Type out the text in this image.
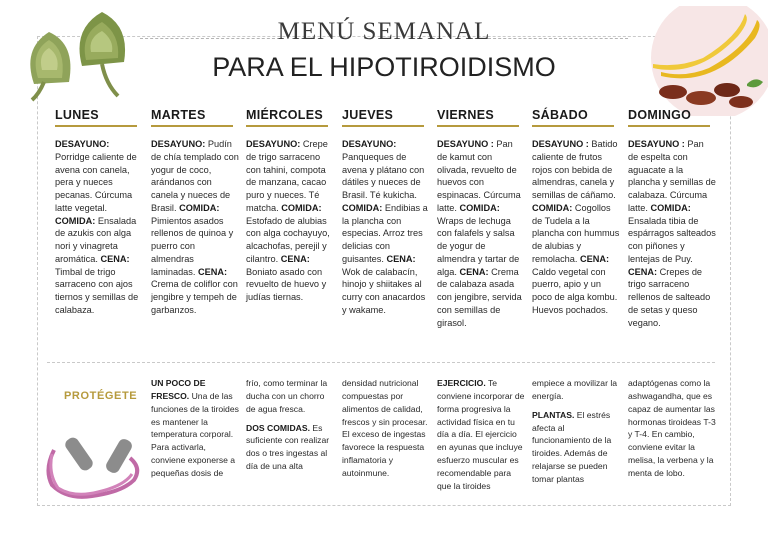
MENÚ SEMANAL
PARA EL HIPOTIROIDISMO
LUNES
DESAYUNO: Porridge caliente de avena con canela, pera y nueces pecanas. Cúrcuma latte vegetal. COMIDA: Ensalada de azukis con alga nori y vinagreta aromática. CENA: Timbal de trigo sarraceno con ajos tiernos y semillas de calabaza.
MARTES
DESAYUNO: Pudín de chía templado con yogur de coco, arándanos con canela y nueces de Brasil. COMIDA: Pimientos asados rellenos de quinoa y puerro con almendras laminadas. CENA: Crema de coliflor con jengibre y tempeh de garbanzos.
MIÉRCOLES
DESAYUNO: Crepe de trigo sarraceno con tahini, compota de manzana, cacao puro y nueces. Té matcha. COMIDA: Estofado de alubias con alga cochayuyo, alcachofas, perejil y cilantro. CENA: Boniato asado con revuelto de huevo y judías tiernas.
JUEVES
DESAYUNO: Panqueques de avena y plátano con dátiles y nueces de Brasil. Té kukicha. COMIDA: Endibias a la plancha con especias. Arroz tres delicias con guisantes. CENA: Wok de calabacín, hinojo y shiitakes al curry con anacardos y wakame.
VIERNES
DESAYUNO : Pan de kamut con olivada, revuelto de huevos con espinacas. Cúrcuma latte. COMIDA: Wraps de lechuga con falafels y salsa de yogur de almendra y tartar de alga. CENA: Crema de calabaza asada con jengibre, servida con semillas de girasol.
SÁBADO
DESAYUNO : Batido caliente de frutos rojos con bebida de almendras, canela y semillas de cáñamo. COMIDA: Cogollos de Tudela a la plancha con hummus de alubias y remolacha. CENA: Caldo vegetal con puerro, apio y un poco de alga kombu. Huevos pochados.
DOMINGO
DESAYUNO : Pan de espelta con aguacate a la plancha y semillas de calabaza. Cúrcuma latte. COMIDA: Ensalada tibia de espárragos salteados con piñones y lentejas de Puy. CENA: Crepes de trigo sarraceno rellenos de salteado de setas y queso vegano.
PROTÉGETE
UN POCO DE FRESCO. Una de las funciones de la tiroides es mantener la temperatura corporal. Para activarla, conviene exponerse a pequeñas dosis de
frío, como terminar la ducha con un chorro de agua fresca.
DOS COMIDAS. Es suficiente con realizar dos o tres ingestas al día de una alta
densidad nutricional compuestas por alimentos de calidad, frescos y sin procesar. El exceso de ingestas favorece la respuesta inflamatoria y autoinmune.
EJERCICIO. Te conviene incorporar de forma progresiva la actividad física en tu día a día. El ejercicio en ayunas que incluye esfuerzo muscular es recomendable para que la tiroides
empiece a movilizar la energía.
PLANTAS. El estrés afecta al funcionamiento de la tiroides. Además de relajarse se pueden tomar plantas
adaptógenas como la ashwagandha, que es capaz de aumentar las hormonas tiroideas T-3 y T-4. En cambio, conviene evitar la melisa, la verbena y la menta de lobo.
